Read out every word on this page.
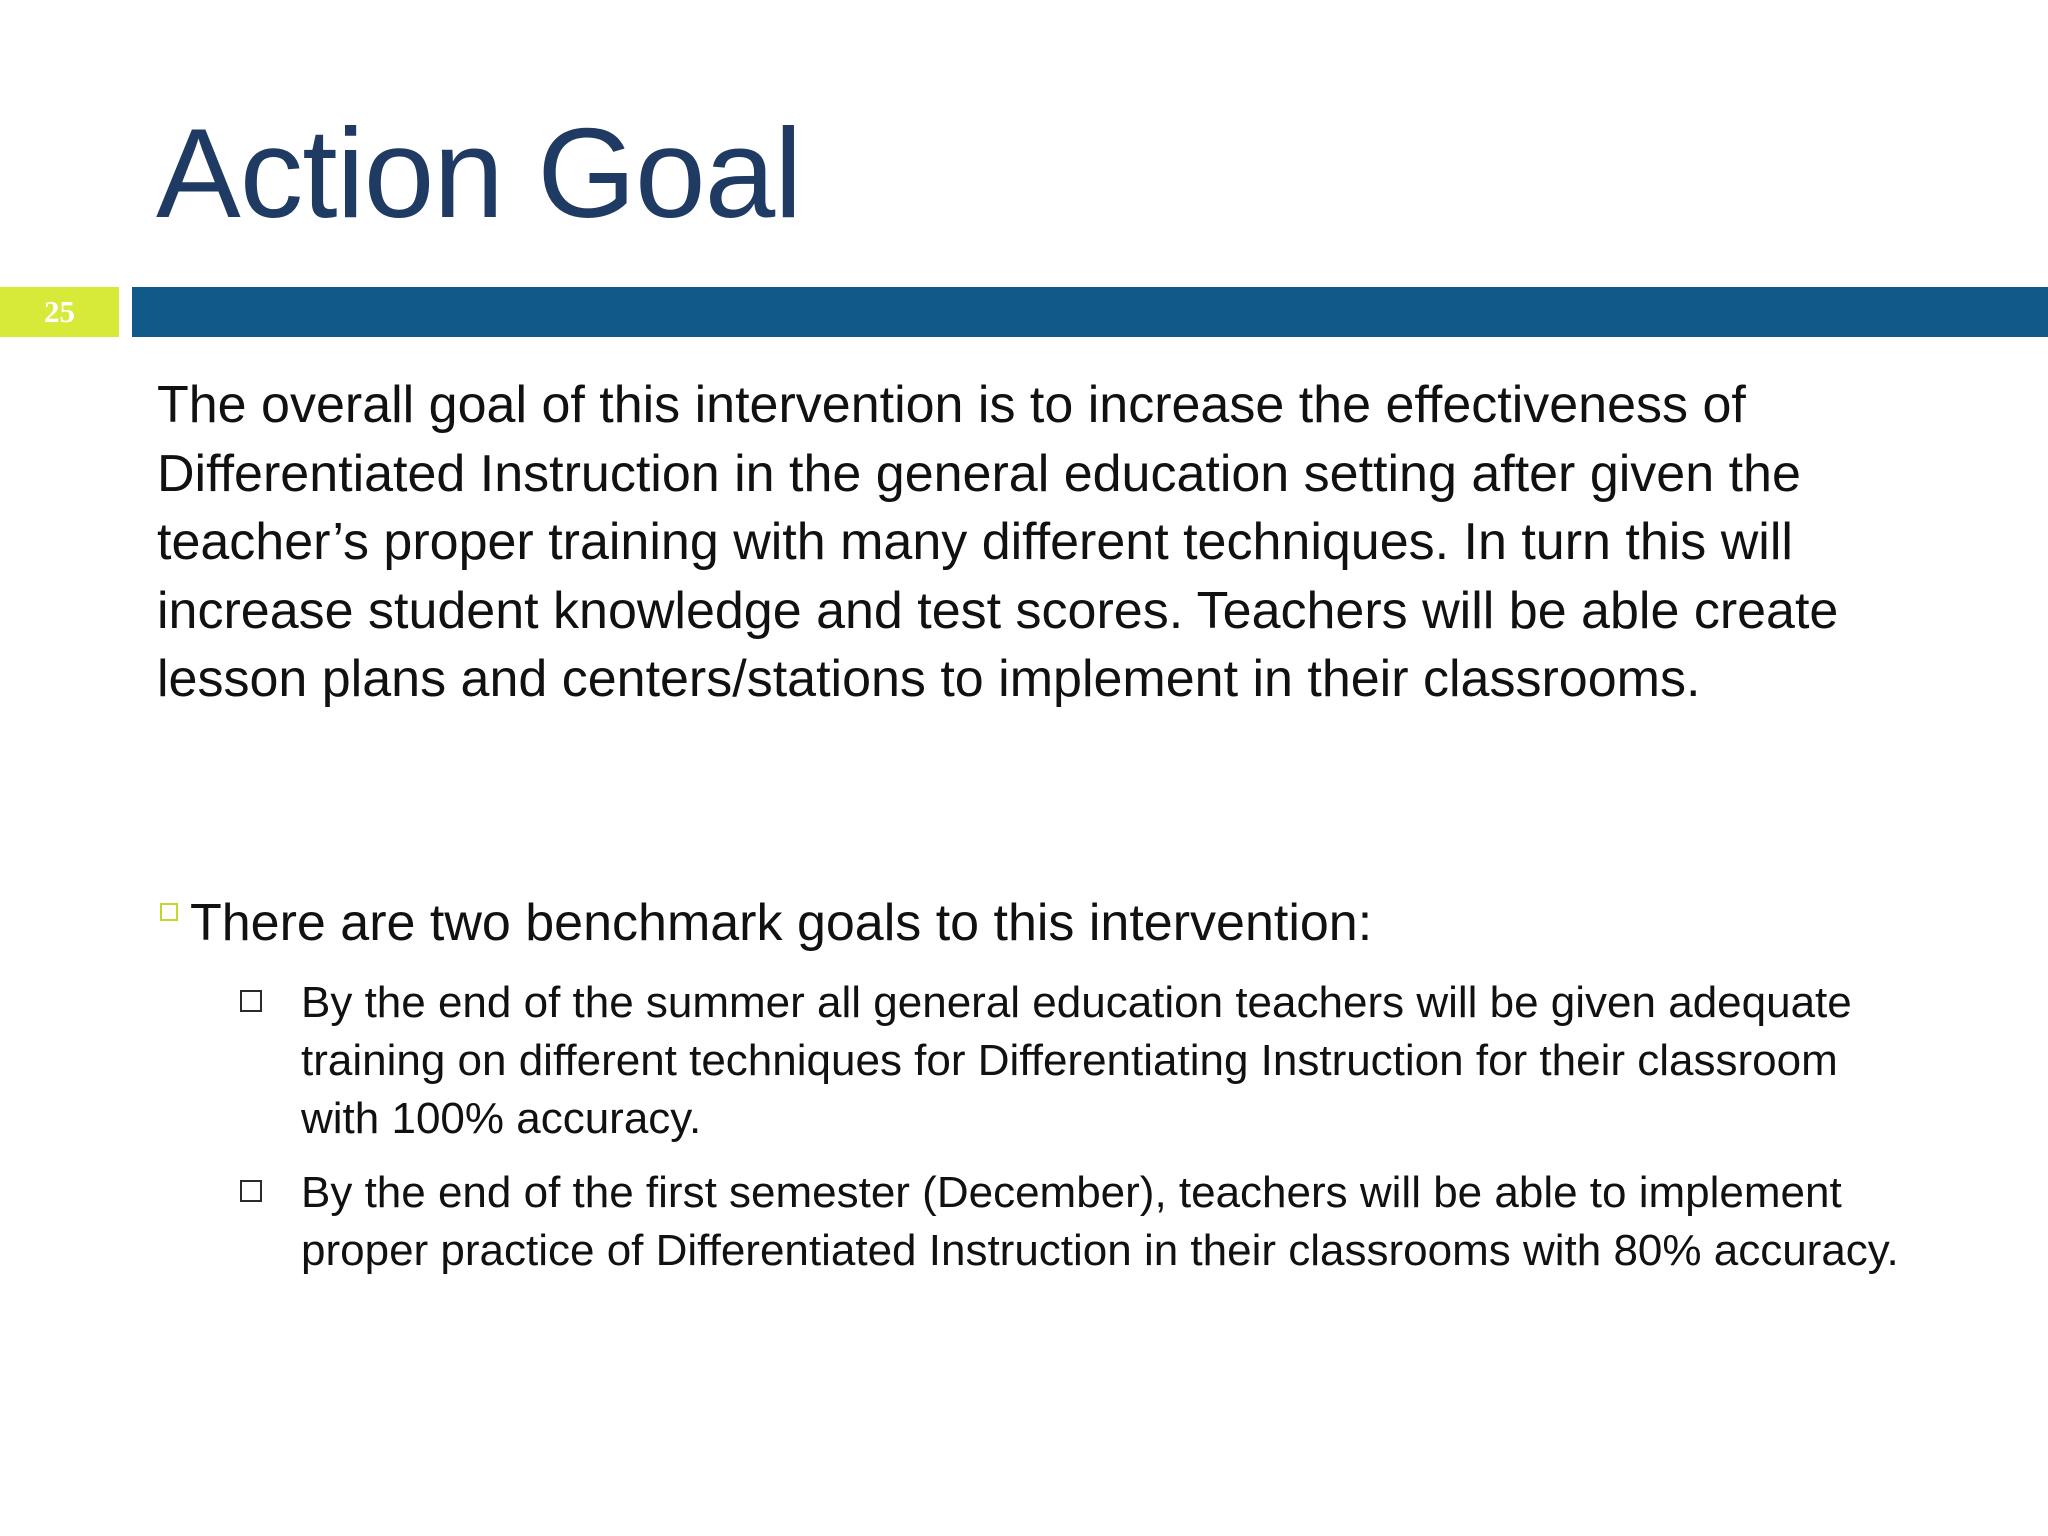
Action Goal
25
The overall goal of this intervention is to increase the effectiveness of Differentiated Instruction in the general education setting after given the teacher’s proper training with many different techniques. In turn this will increase student knowledge and test scores. Teachers will be able create lesson plans and centers/stations to implement in their classrooms.
There are two benchmark goals to this intervention:
By the end of the summer all general education teachers will be given adequate training on different techniques for Differentiating Instruction for their classroom with 100% accuracy.
By the end of the first semester (December), teachers will be able to implement proper practice of Differentiated Instruction in their classrooms with 80% accuracy.
